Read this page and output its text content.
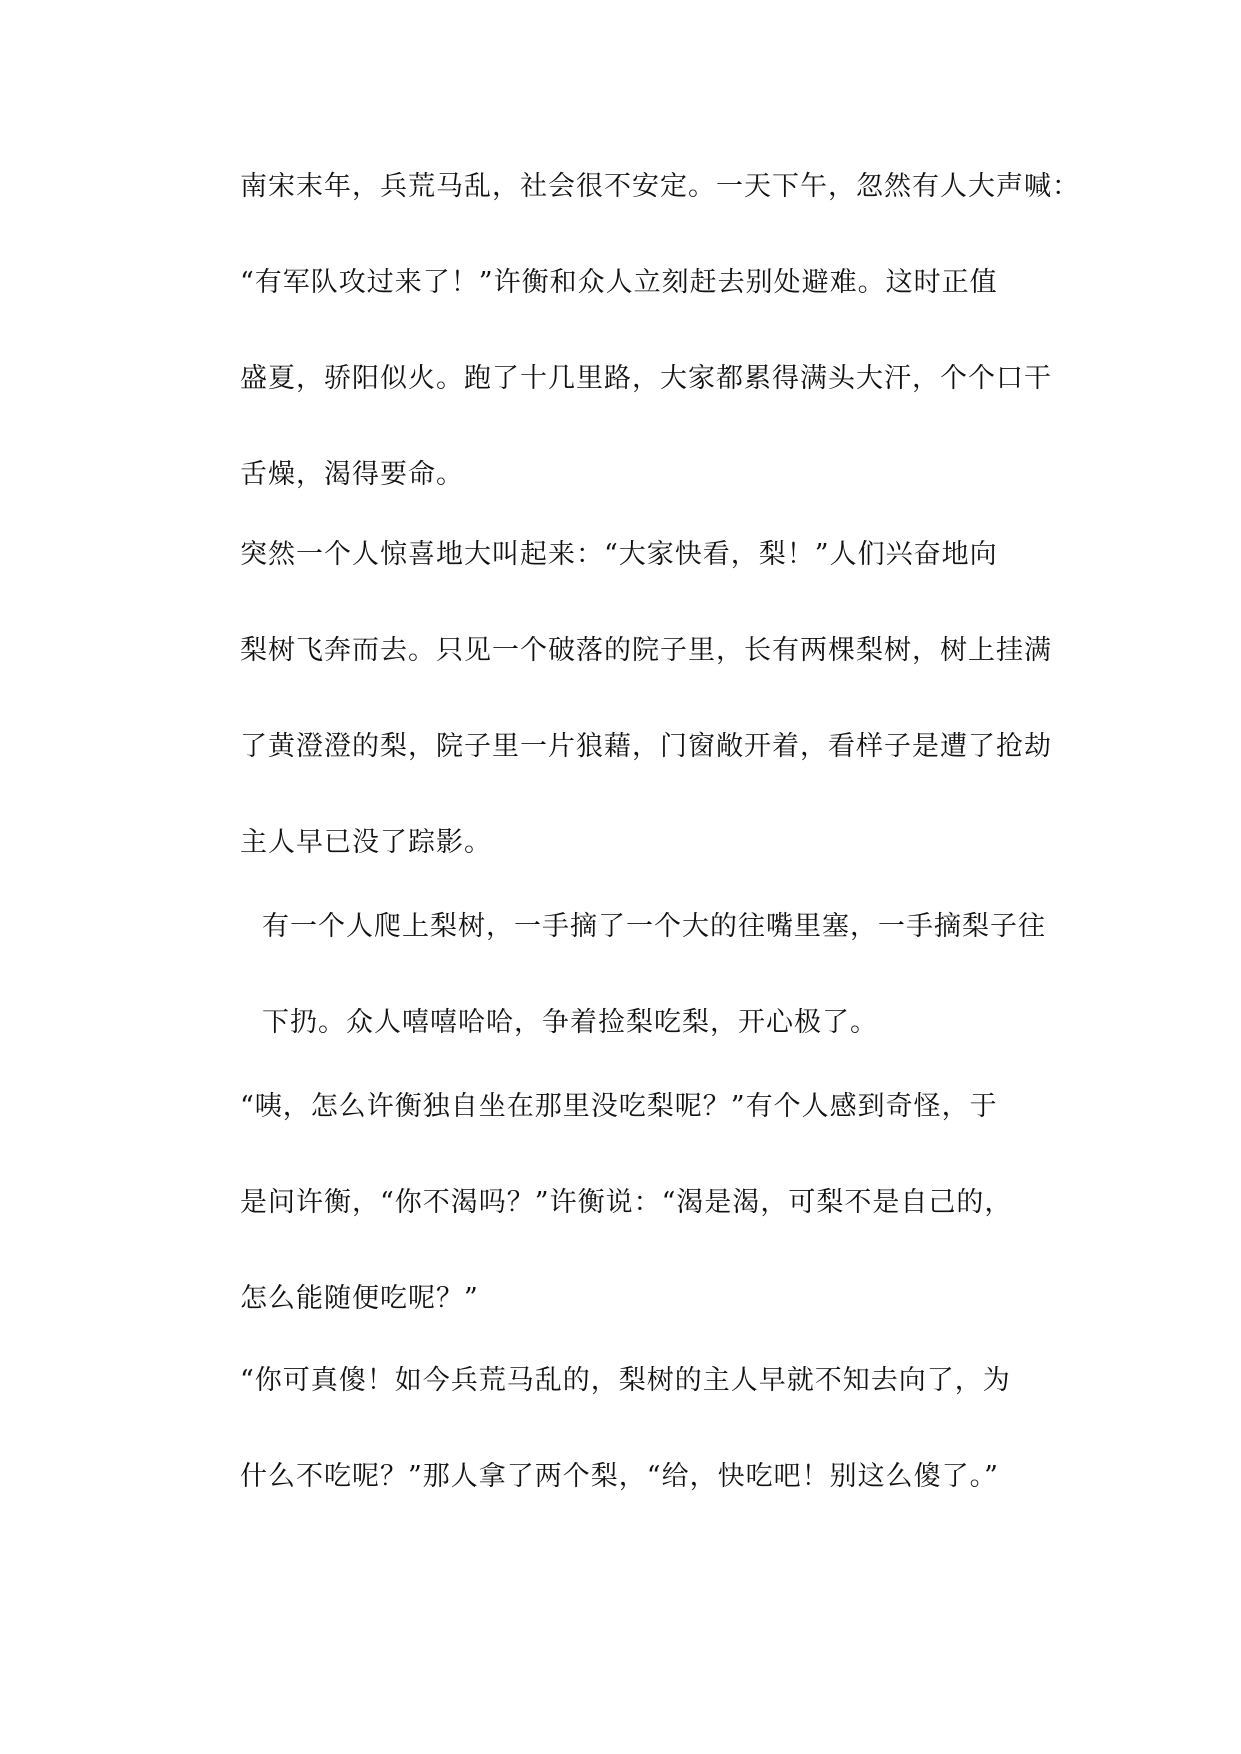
南宋末年，兵荒马乱，社会很不安定。一天下午，忽然有人大声喊：
“有军队攻过来了！”许衡和众人立刻赶去别处避难。这时正值
盛夏，骄阳似火。跑了十几里路，大家都累得满头大汗，个个口干
舌燥，渴得要命。
突然一个人惊喜地大叫起来：“大家快看，梨！”人们兴奋地向
梨树飞奔而去。只见一个破落的院子里，长有两棵梨树，树上挂满
了黄澄澄的梨，院子里一片狼藉，门窗敞开着，看样子是遭了抢劫
主人早已没了踪影。
有一个人爬上梨树，一手摘了一个大的往嘴里塞，一手摘梨子往
下扔。众人嘻嘻哈哈，争着捡梨吃梨，开心极了。
“咦，怎么许衡独自坐在那里没吃梨呢？”有个人感到奇怪，于
是问许衡，“你不渴吗？”许衡说：“渴是渴，可梨不是自己的，
怎么能随便吃呢？”
“你可真傻！如今兵荒马乱的，梨树的主人早就不知去向了，为
什么不吃呢？”那人拿了两个梨，“给，快吃吧！别这么傻了。”
